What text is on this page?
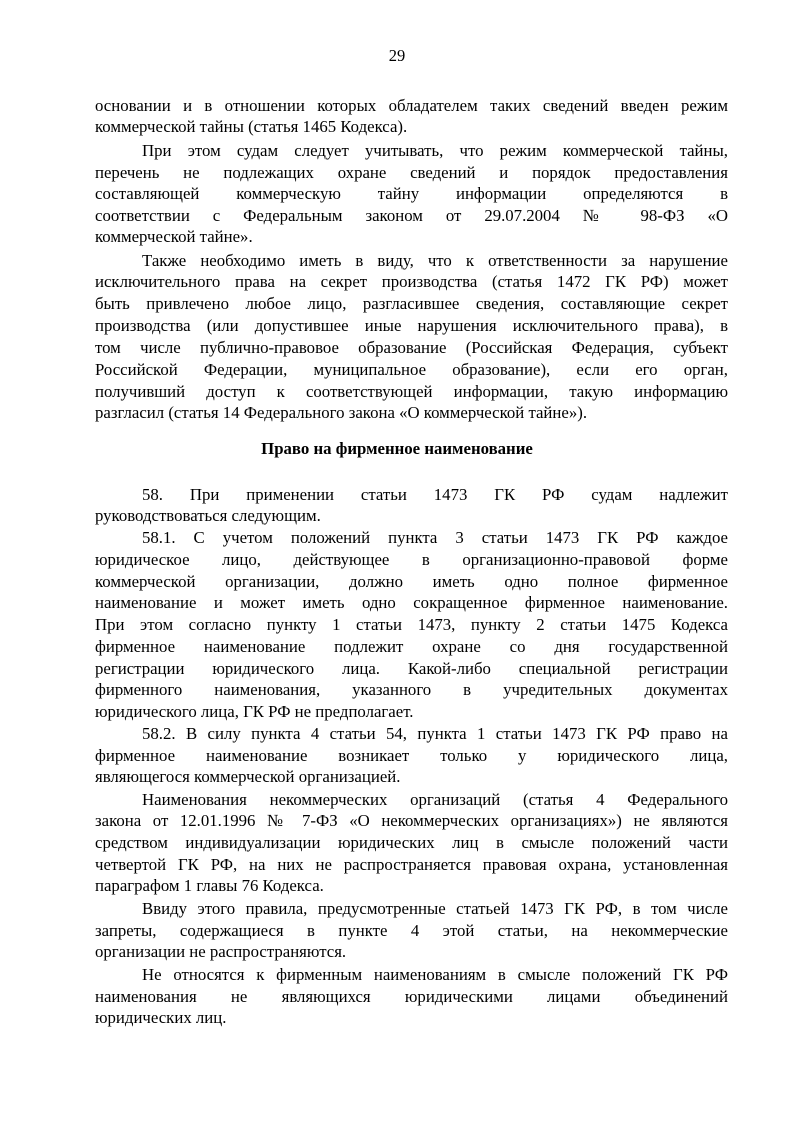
29
основании и в отношении которых обладателем таких сведений введен режим
коммерческой тайны (статья 1465 Кодекса).
При этом судам следует учитывать, что режим коммерческой тайны,
перечень не подлежащих охране сведений и порядок предоставления
составляющей коммерческую тайну информации определяются в
соответствии с Федеральным законом от 29.07.2004 № 98-ФЗ «О
коммерческой тайне».
Также необходимо иметь в виду, что к ответственности за нарушение
исключительного права на секрет производства (статья 1472 ГК РФ) может
быть привлечено любое лицо, разгласившее сведения, составляющие секрет
производства (или допустившее иные нарушения исключительного права), в
том числе публично-правовое образование (Российская Федерация, субъект
Российской Федерации, муниципальное образование), если его орган,
получивший доступ к соответствующей информации, такую информацию
разгласил (статья 14 Федерального закона «О коммерческой тайне»).
Право на фирменное наименование
58. При применении статьи 1473 ГК РФ судам надлежит
руководствоваться следующим.
58.1. С учетом положений пункта 3 статьи 1473 ГК РФ каждое
юридическое лицо, действующее в организационно-правовой форме
коммерческой организации, должно иметь одно полное фирменное
наименование и может иметь одно сокращенное фирменное наименование.
При этом согласно пункту 1 статьи 1473, пункту 2 статьи 1475 Кодекса
фирменное наименование подлежит охране со дня государственной
регистрации юридического лица. Какой-либо специальной регистрации
фирменного наименования, указанного в учредительных документах
юридического лица, ГК РФ не предполагает.
58.2. В силу пункта 4 статьи 54, пункта 1 статьи 1473 ГК РФ право на
фирменное наименование возникает только у юридического лица,
являющегося коммерческой организацией.
Наименования некоммерческих организаций (статья 4 Федерального
закона от 12.01.1996 № 7-ФЗ «О некоммерческих организациях») не являются
средством индивидуализации юридических лиц в смысле положений части
четвертой ГК РФ, на них не распространяется правовая охрана, установленная
параграфом 1 главы 76 Кодекса.
Ввиду этого правила, предусмотренные статьей 1473 ГК РФ, в том числе
запреты, содержащиеся в пункте 4 этой статьи, на некоммерческие
организации не распространяются.
Не относятся к фирменным наименованиям в смысле положений ГК РФ
наименования не являющихся юридическими лицами объединений
юридических лиц.
